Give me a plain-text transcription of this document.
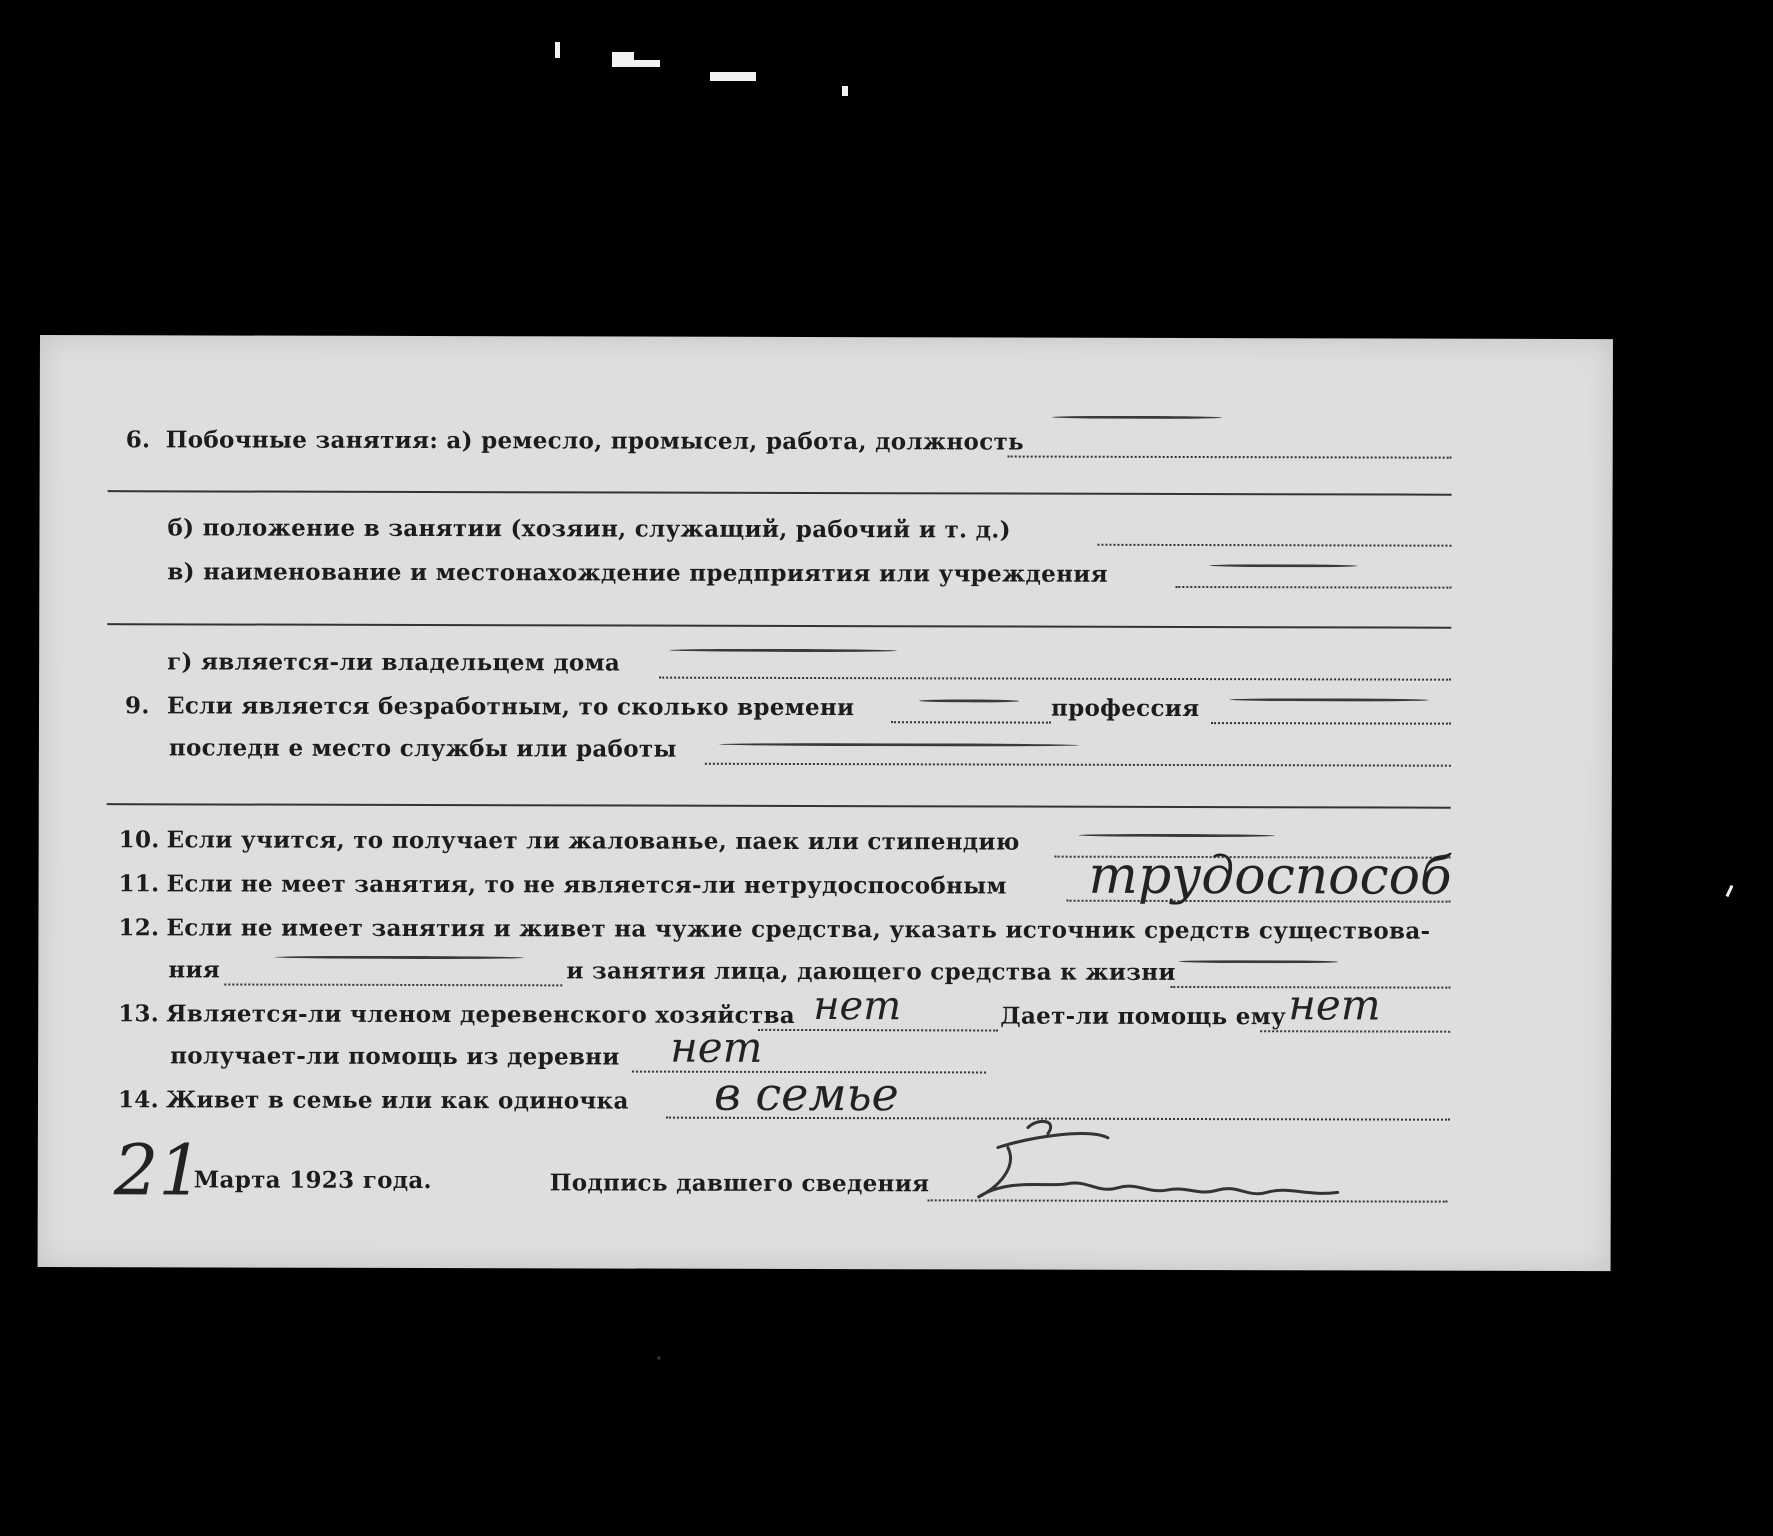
6. Побочные занятия: а) ремесло, промысел, работа, должность
б) положение в занятии (хозяин, служащий, рабочий и т. д.)
в) наименование и местонахождение предприятия или учреждения
г) является-ли владельцем дома
9. Если является безработным, то сколько времени	профессия
последн е место службы или работы
10. Если учится, то получает ли жалованье, паек или стипендию
11. Если не меет занятия, то не является-ли нетрудоспособным трудоспособ
12. Если не имеет занятия и живет на чужие средства, указать источник средств существова-
ния	и занятия лица, дающего средства к жизни
13. Является-ли членом деревенского хозяйства нет	Дает-ли помощь ему нет
получает-ли помощь из деревни нет
14. Живет в семье или как одиночка в семье
21
Марта 1923 года.	Подпись давшего сведения
